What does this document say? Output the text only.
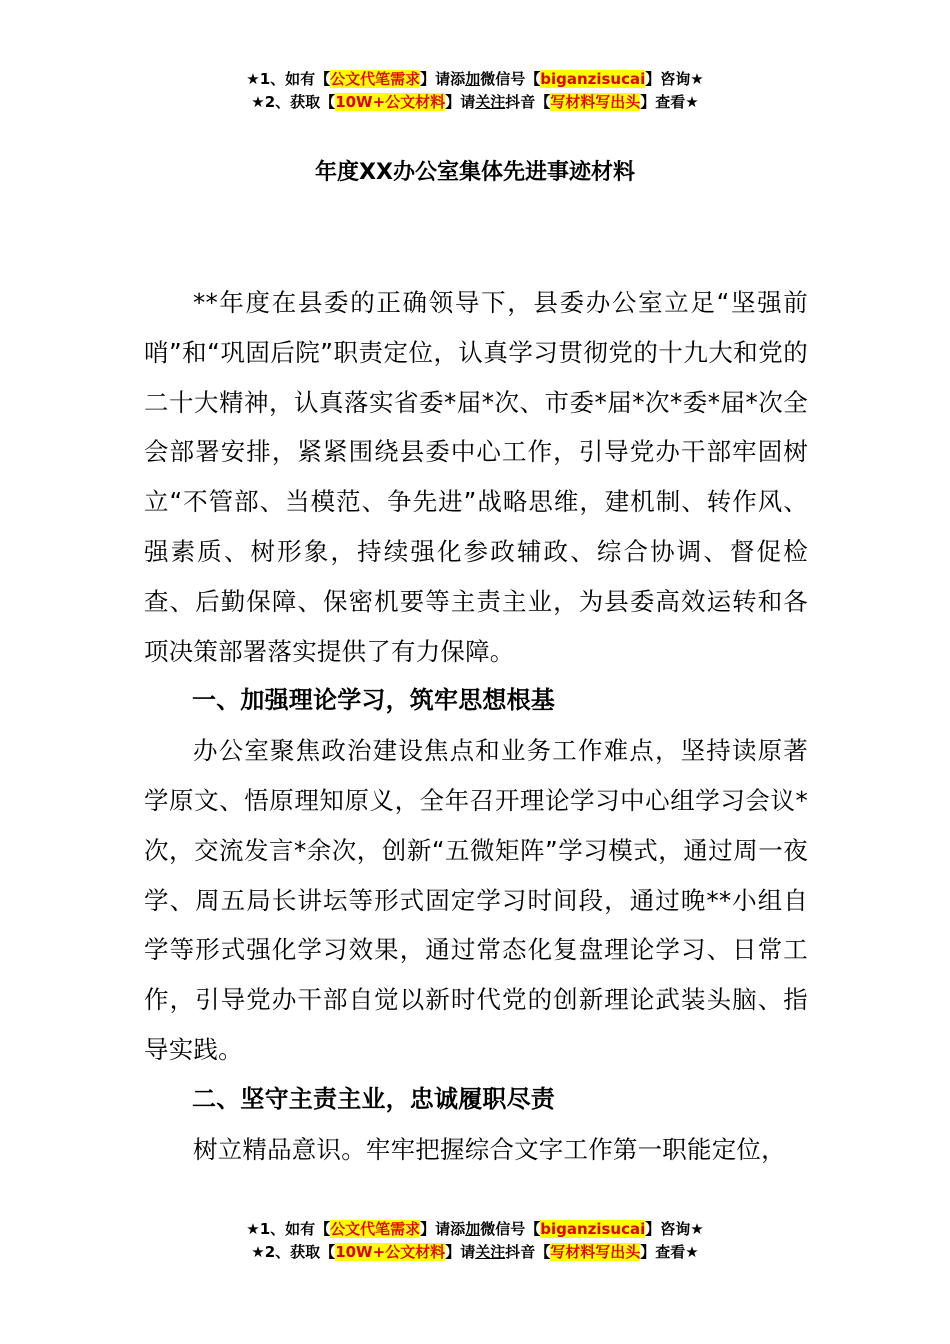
★1、如有【公文代笔需求】请添加微信号【biganzisucai】咨询★
★2、获取【10W+公文材料】请关注抖音【写材料写出头】查看★
年度XX办公室集体先进事迹材料

**年度在县委的正确领导下，县委办公室立足“坚强前哨”和“巩固后院”职责定位，认真学习贯彻党的十九大和党的二十大精神，认真落实省委*届*次、市委*届*次*委*届*次全会部署安排，紧紧围绕县委中心工作，引导党办干部牢固树立“不管部、当模范、争先进”战略思维，建机制、转作风、强素质、树形象，持续强化参政辅政、综合协调、督促检查、后勤保障、保密机要等主责主业，为县委高效运转和各项决策部署落实提供了有力保障。

一、加强理论学习，筑牢思想根基

办公室聚焦政治建设焦点和业务工作难点，坚持读原著学原文、悟原理知原义，全年召开理论学习中心组学习会议*次，交流发言*余次，创新“五微矩阵”学习模式，通过周一夜学、周五局长讲坛等形式固定学习时间段，通过晚**小组自学等形式强化学习效果，通过常态化复盘理论学习、日常工作，引导党办干部自觉以新时代党的创新理论武装头脑、指导实践。

二、坚守主责主业，忠诚履职尽责

树立精品意识。牢牢把握综合文字工作第一职能定位，

★1、如有【公文代笔需求】请添加微信号【biganzisucai】咨询★
★2、获取【10W+公文材料】请关注抖音【写材料写出头】查看★
